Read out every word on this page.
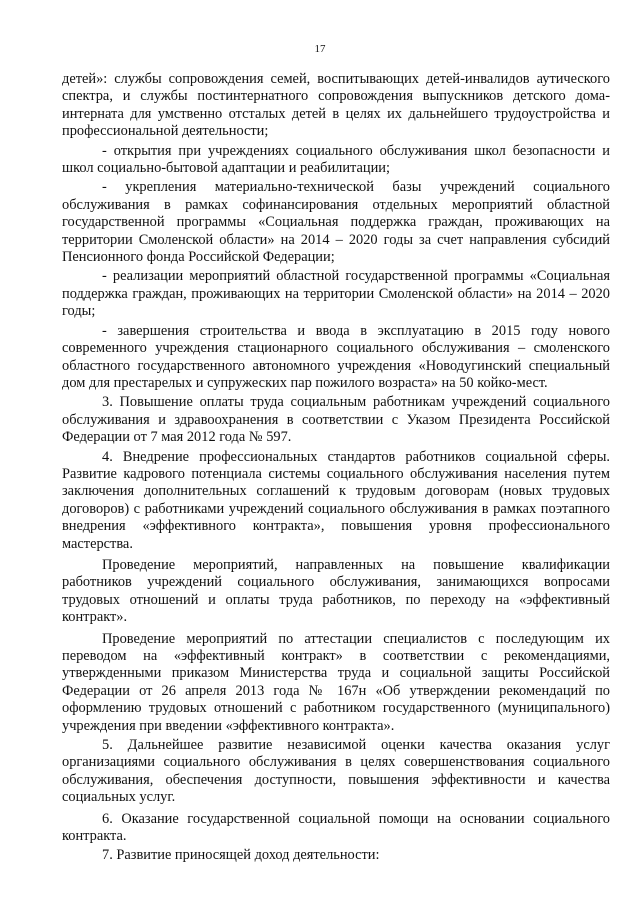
17

детей»: службы сопровождения семей, воспитывающих детей-инвалидов аутического спектра, и службы постинтернатного сопровождения выпускников детского дома-интерната для умственно отсталых детей в целях их дальнейшего трудоустройства и профессиональной деятельности;

- открытия при учреждениях социального обслуживания школ безопасности и школ социально-бытовой адаптации и реабилитации;

- укрепления материально-технической базы учреждений социального обслуживания в рамках софинансирования отдельных мероприятий областной государственной программы «Социальная поддержка граждан, проживающих на территории Смоленской области» на 2014 – 2020 годы за счет направления субсидий Пенсионного фонда Российской Федерации;

- реализации мероприятий областной государственной программы «Социальная поддержка граждан, проживающих на территории Смоленской области» на 2014 – 2020 годы;

- завершения строительства и ввода в эксплуатацию в 2015 году нового современного учреждения стационарного социального обслуживания – смоленского областного государственного автономного учреждения «Новодугинский специальный дом для престарелых и супружеских пар пожилого возраста» на 50 койко-мест.

3. Повышение оплаты труда социальным работникам учреждений социального обслуживания и здравоохранения в соответствии с Указом Президента Российской Федерации от 7 мая 2012 года № 597.

4. Внедрение профессиональных стандартов работников социальной сферы. Развитие кадрового потенциала системы социального обслуживания населения путем заключения дополнительных соглашений к трудовым договорам (новых трудовых договоров) с работниками учреждений социального обслуживания в рамках поэтапного внедрения «эффективного контракта», повышения уровня профессионального мастерства.

Проведение мероприятий, направленных на повышение квалификации работников учреждений социального обслуживания, занимающихся вопросами трудовых отношений и оплаты труда работников, по переходу на «эффективный контракт».

Проведение мероприятий по аттестации специалистов с последующим их переводом на «эффективный контракт» в соответствии с рекомендациями, утвержденными приказом Министерства труда и социальной защиты Российской Федерации от 26 апреля 2013 года № 167н «Об утверждении рекомендаций по оформлению трудовых отношений с работником государственного (муниципального) учреждения при введении «эффективного контракта».

5. Дальнейшее развитие независимой оценки качества оказания услуг организациями социального обслуживания в целях совершенствования социального обслуживания, обеспечения доступности, повышения эффективности и качества социальных услуг.

6. Оказание государственной социальной помощи на основании социального контракта.

7. Развитие приносящей доход деятельности:
